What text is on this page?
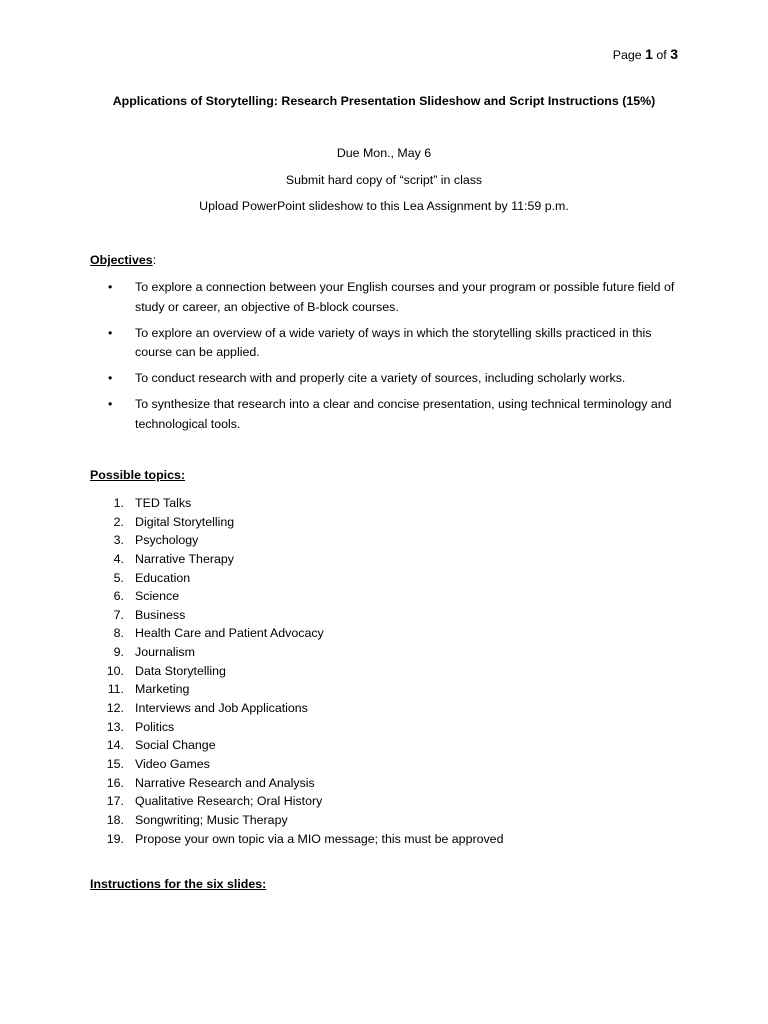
Page 1 of 3
Applications of Storytelling: Research Presentation Slideshow and Script Instructions (15%)
Due Mon., May 6
Submit hard copy of “script” in class
Upload PowerPoint slideshow to this Lea Assignment by 11:59 p.m.
Objectives:
• To explore a connection between your English courses and your program or possible future field of study or career, an objective of B-block courses.
• To explore an overview of a wide variety of ways in which the storytelling skills practiced in this course can be applied.
• To conduct research with and properly cite a variety of sources, including scholarly works.
• To synthesize that research into a clear and concise presentation, using technical terminology and technological tools.
Possible topics:
1. TED Talks
2. Digital Storytelling
3. Psychology
4. Narrative Therapy
5. Education
6. Science
7. Business
8. Health Care and Patient Advocacy
9. Journalism
10. Data Storytelling
11. Marketing
12. Interviews and Job Applications
13. Politics
14. Social Change
15. Video Games
16. Narrative Research and Analysis
17. Qualitative Research; Oral History
18. Songwriting; Music Therapy
19. Propose your own topic via a MIO message; this must be approved
Instructions for the six slides:
